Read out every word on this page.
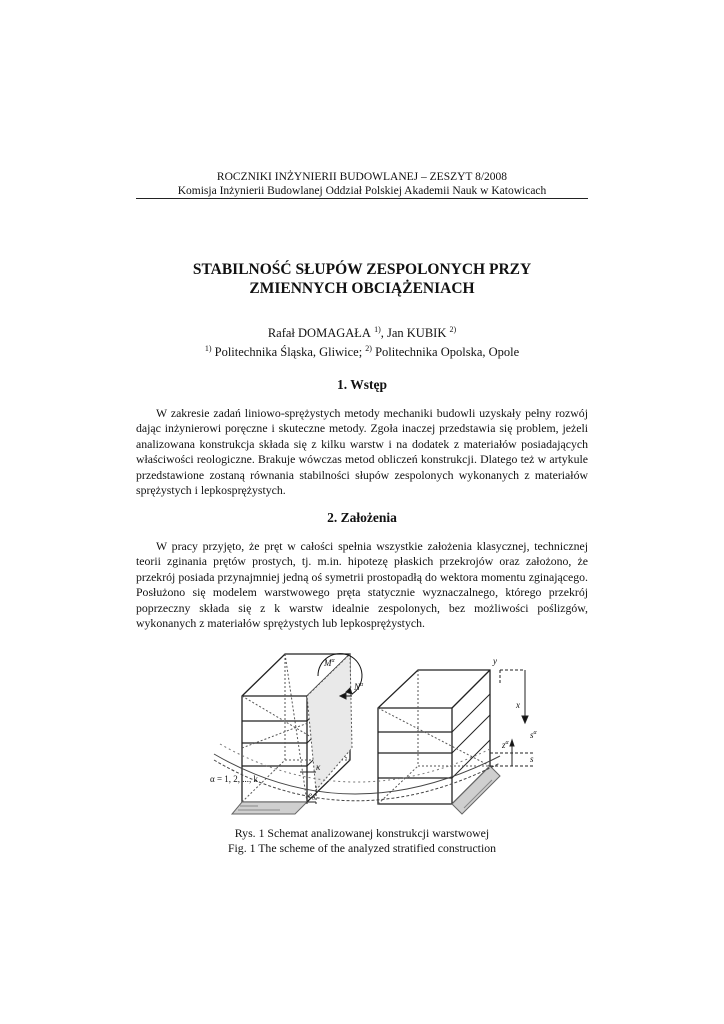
ROCZNIKI INŻYNIERII BUDOWLANEJ – ZESZYT 8/2008
Komisja Inżynierii Budowlanej Oddział Polskiej Akademii Nauk w Katowicach
STABILNOŚĆ SŁUPÓW ZESPOLONYCH PRZY
ZMIENNYCH OBCIĄŻENIACH
Rafał DOMAGAŁA $^{1)}$, Jan KUBIK $^{2)}$
$^{1)}$ Politechnika Śląska, Gliwice; $^{2)}$ Politechnika Opolska, Opole
1. Wstęp

W zakresie zadań liniowo-sprężystych metody mechaniki budowli uzyskały pełny rozwój dając inżynierowi poręczne i skuteczne metody. Zgoła inaczej przedstawia się problem, jeżeli analizowana konstrukcja składa się z kilku warstw i na dodatek z materiałów posiadających właściwości reologiczne. Brakuje wówczas metod obliczeń konstrukcji. Dlatego też w artykule przedstawione zostaną równania stabilności słupów zespolonych wykonanych z materiałów sprężystych i lepkosprężystych.

2. Założenia

W pracy przyjęto, że pręt w całości spełnia wszystkie założenia klasycznej, technicznej teorii zginania prętów prostych, tj. m.in. hipotezę płaskich przekrojów oraz założono, że przekrój posiada przynajmniej jedną oś symetrii prostopadłą do wektora momentu zginającego. Posłużono się modelem warstwowego pręta statycznie wyznaczalnego, którego przekrój poprzeczny składa się z k warstw idealnie zespolonych, bez możliwości poślizgów, wykonanych z materiałów sprężystych lub lepkosprężystych.

$M^\alpha$
$N^\alpha$
y
x
$s^\alpha$
$z^\alpha$
s
κ
$e_0$
α = 1, 2, ..., k
Rys. 1 Schemat analizowanej konstrukcji warstwowej
Fig. 1 The scheme of the analyzed stratified construction
